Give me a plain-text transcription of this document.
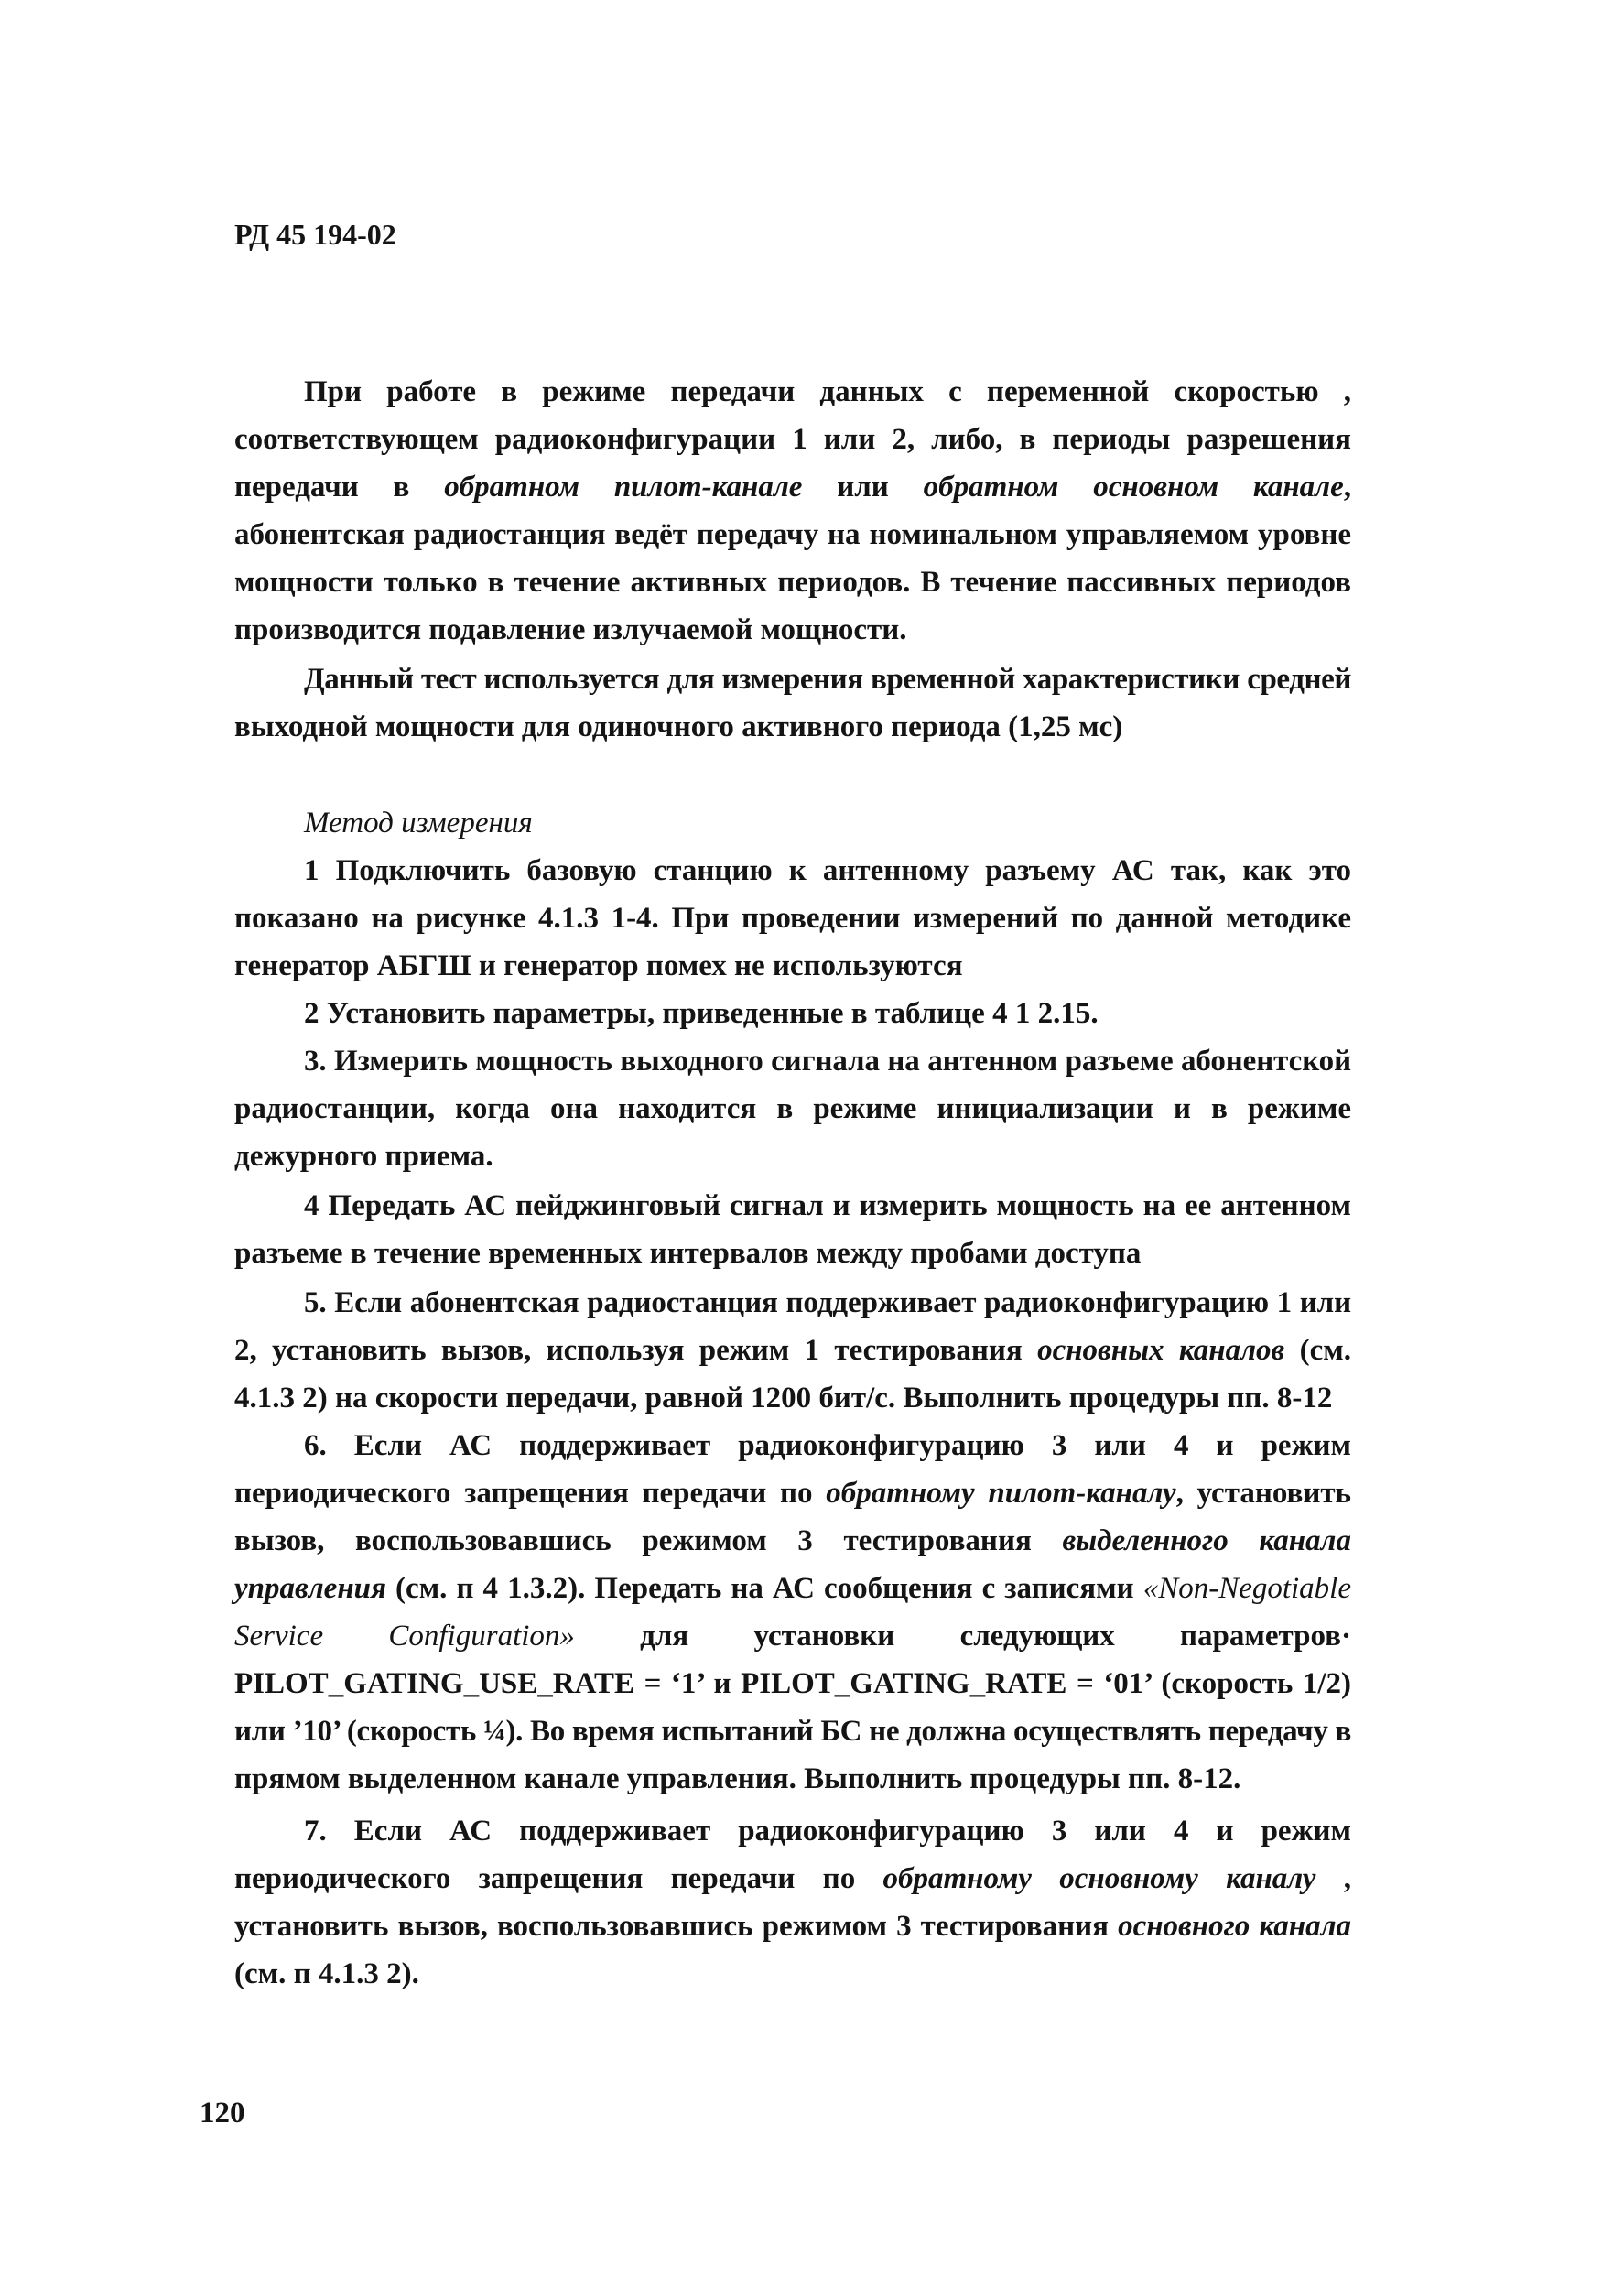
РД 45 194-02
При работе в режиме передачи данных с переменной скоростью ,
соответствующем радиоконфигурации 1 или 2, либо, в периоды разрешения
передачи в обратном пилот-канале или обратном основном канале,
абонентская радиостанция ведёт передачу на номинальном управляемом уровне
мощности только в течение активных периодов. В течение пассивных периодов
производится подавление излучаемой мощности.
Данный тест используется для измерения временной характеристики средней
выходной мощности для одиночного активного периода (1,25 мс)
Метод измерения
1 Подключить базовую станцию к антенному разъему АС так, как это
показано на рисунке 4.1.3 1-4. При проведении измерений по данной методике
генератор АБГШ и генератор помех не используются
2 Установить параметры, приведенные в таблице 4 1 2.15.
3. Измерить мощность выходного сигнала на антенном разъеме абонентской
радиостанции, когда она находится в режиме инициализации и в режиме
дежурного приема.
4 Передать АС пейджинговый сигнал и измерить мощность на ее антенном
разъеме в течение временных интервалов между пробами доступа
5. Если абонентская радиостанция поддерживает радиоконфигурацию 1 или
2, установить вызов, используя режим 1 тестирования основных каналов (см.
4.1.3 2) на скорости передачи, равной 1200 бит/с. Выполнить процедуры пп. 8-12
6. Если АС поддерживает радиоконфигурацию 3 или 4 и режим
периодического запрещения передачи по обратному пилот-каналу, установить
вызов, воспользовавшись режимом 3 тестирования выделенного канала
управления (см. п 4 1.3.2). Передать на АС сообщения с записями «Non-Negotiable
Service Configuration» для установки следующих параметров·
PILOT_GATING_USE_RATE = ‘1’ и PILOT_GATING_RATE = ‘01’ (скорость 1/2)
или ’10’ (скорость ¼). Во время испытаний БС не должна осуществлять передачу в
прямом выделенном канале управления. Выполнить процедуры пп. 8-12.
7. Если АС поддерживает радиоконфигурацию 3 или 4 и режим
периодического запрещения передачи по обратному основному каналу ,
установить вызов, воспользовавшись режимом 3 тестирования основного канала
(см. п 4.1.3 2).
120
